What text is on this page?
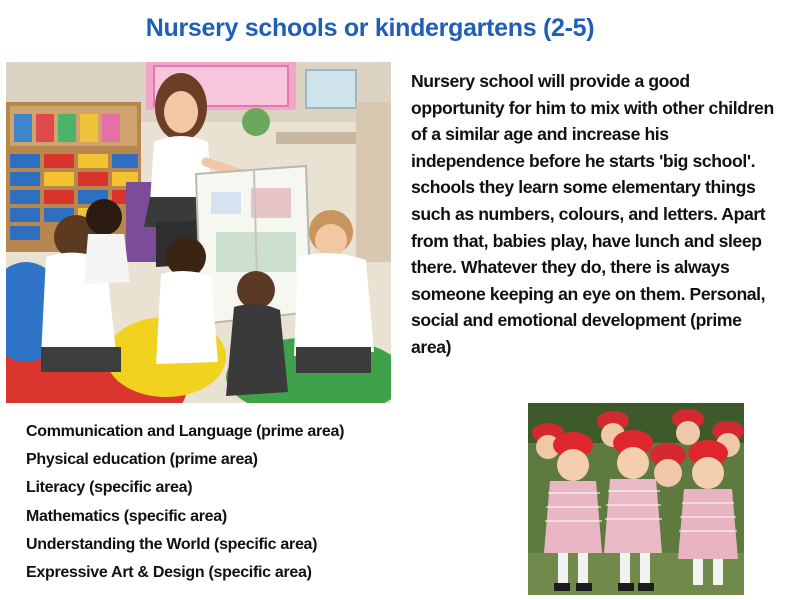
Nursery schools or kindergartens (2-5)

Nursery school will provide a good opportunity for him to mix with other children of a similar age and increase his independence before he starts 'big school'. schools they learn some elementary things such as numbers, colours, and letters. Apart from that, babies play, have lunch and sleep there. Whatever they do, there is always someone keeping an eye on them. Personal, social and emotional development (prime area)

Communication and Language (prime area)
Physical education (prime area)
Literacy (specific area)
Mathematics (specific area)
Understanding the World (specific area)
Expressive Art & Design (specific area)
